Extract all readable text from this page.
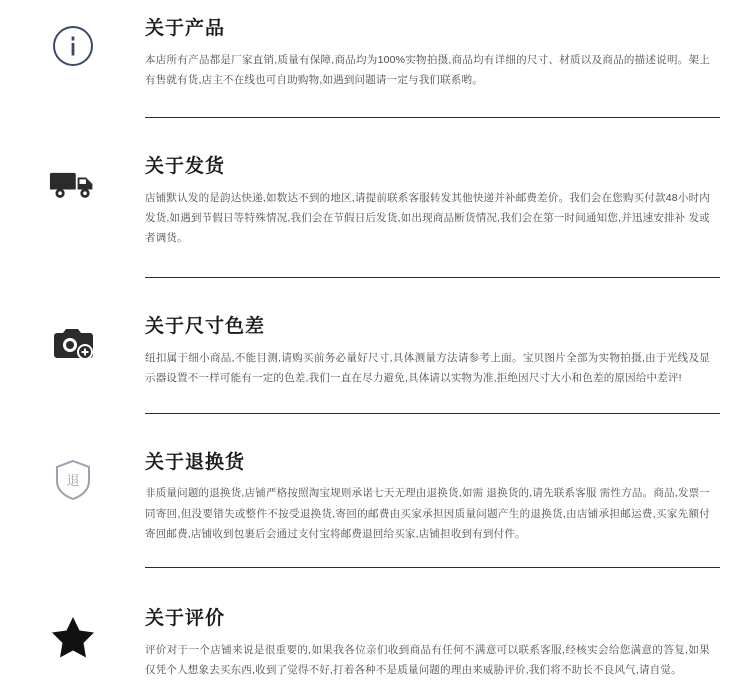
关于产品
本店所有产品都是厂家直销,质量有保障,商品均为100%实物拍摄,商品均有详细的尺寸、材质以及商品的描述说明。架上有售就有货,店主不在线也可自助购物,如遇到问题请一定与我们联系哟。
关于发货
店铺默认发的是韵达快递,如数达不到的地区,请提前联系客服转发其他快递并补邮费差价。我们会在您购买付款48小时内发货,如遇到节假日等特殊情况,我们会在节假日后发货,如出现商品断货情况,我们会在第一时间通知您,并迅速安排补 发或者调货。
关于尺寸色差
纽扣属于细小商品,不能目测,请购买前务必量好尺寸,具体测量方法请参考上面。宝贝图片全部为实物拍摄,由于光线及显示器设置不一样可能有一定的色差,我们一直在尽力避免,具体请以实物为准,拒绝因尺寸大小和色差的原因给中差评!
退
关于退换货
非质量问题的退换货,店铺严格按照淘宝规则承诺七天无理由退换货,如需 退换货的,请先联系客服 需性方品。商品,发票一同寄回,但没要错失或整件不按受退换货,寄回的邮费由买家承担因质量问题产生的退换货,由店铺承担邮运费,买家先额付寄回邮费,店铺收到包裹后会通过支付宝将邮费退回给买家,店铺担收到有到付件。
关于评价
评价对于一个店铺来说是很重要的,如果我各位亲们收到商品有任何不满意可以联系客服,经核实会给您满意的答复,如果仅凭个人想象去买东西,收到了觉得不好,打着各种不是质量问题的理由来威胁评价,我们将不助长不良风气,请自觉。
